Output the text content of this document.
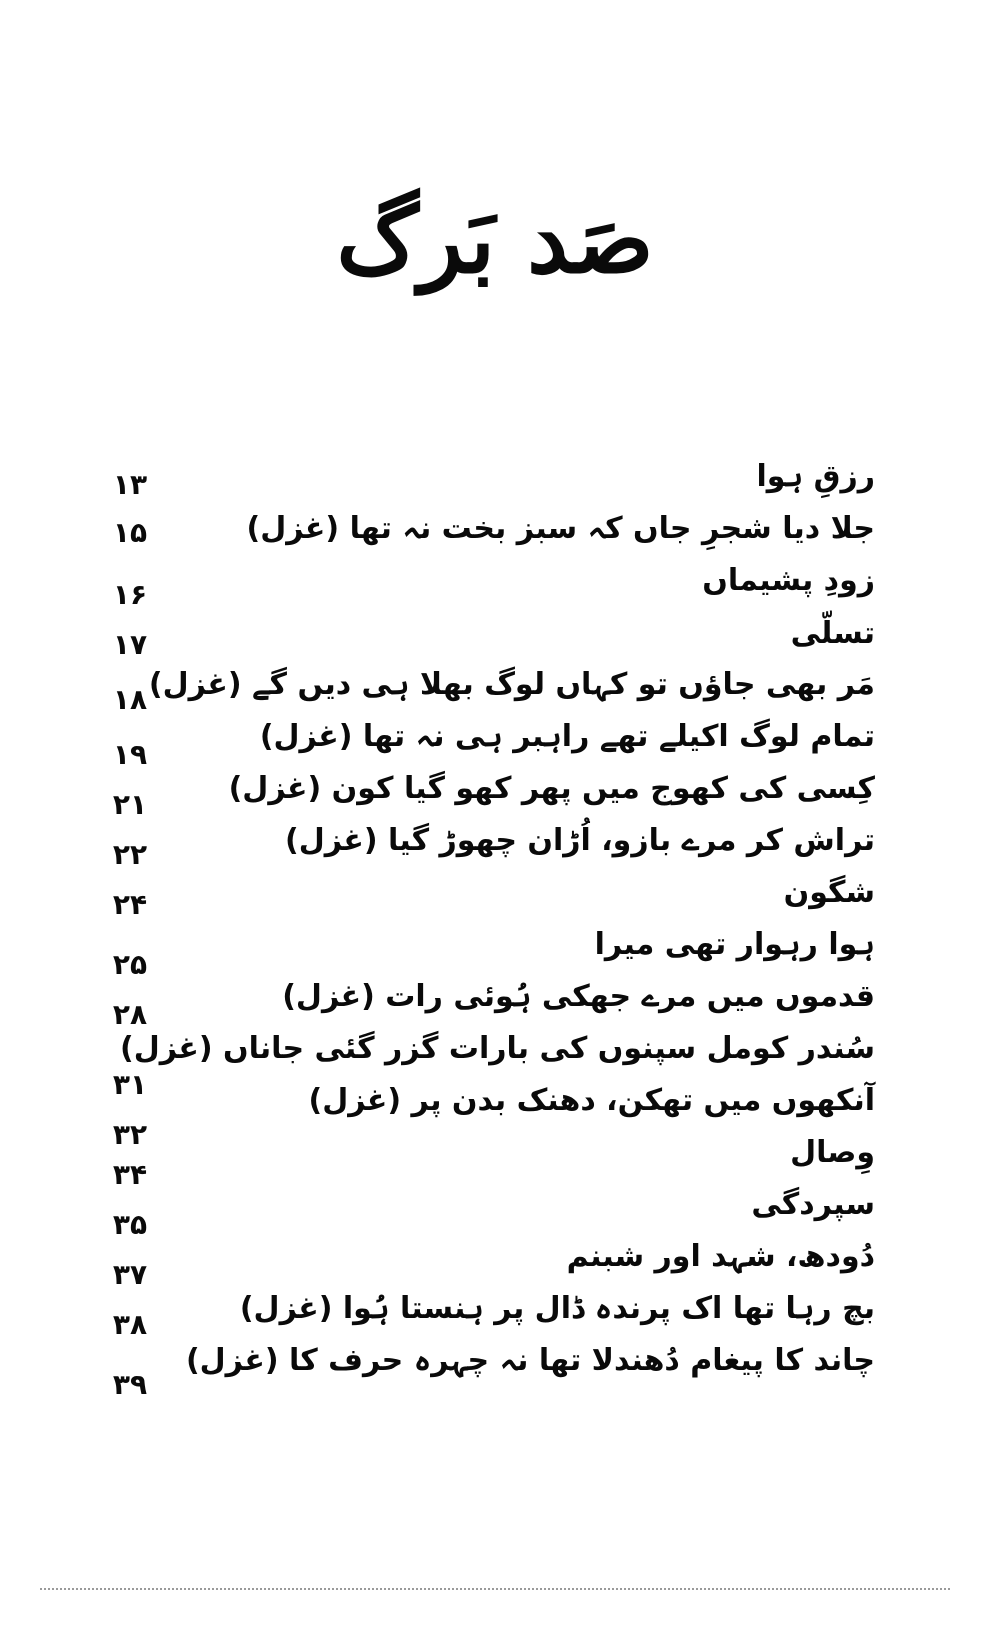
صَد بَرگ
رزقِ ہوا
۱۳
جلا دیا شجرِ جاں کہ سبز بخت نہ تھا (غزل)
۱۵
زودِ پشیماں
۱۶
تسلّی
۱۷
مَر بھی جاؤں تو کہاں لوگ بھلا ہی دیں گے (غزل)
۱۸
تمام لوگ اکیلے تھے راہبر ہی نہ تھا (غزل)
۱۹
کِسی کی کھوج میں پھر کھو گیا کون (غزل)
۲۱
تراش کر مرے بازو، اُڑان چھوڑ گیا (غزل)
۲۲
شگون
۲۴
ہوا رہوار تھی میرا
۲۵
قدموں میں مرے جھکی ہُوئی رات (غزل)
۲۸
سُندر کومل سپنوں کی بارات گزر گئی جاناں (غزل)
۳۱	آنکھوں میں تھکن، دھنک بدن پر (غزل)
۳۲
وِصال
۳۴
سپردگی
۳۵
دُودھ، شہد اور شبنم
۳۷
بچ رہا تھا اک پرندہ ڈال پر ہنستا ہُوا (غزل)
۳۸
چاند کا پیغام دُھندلا تھا نہ چہرہ حرف کا (غزل)
۳۹
